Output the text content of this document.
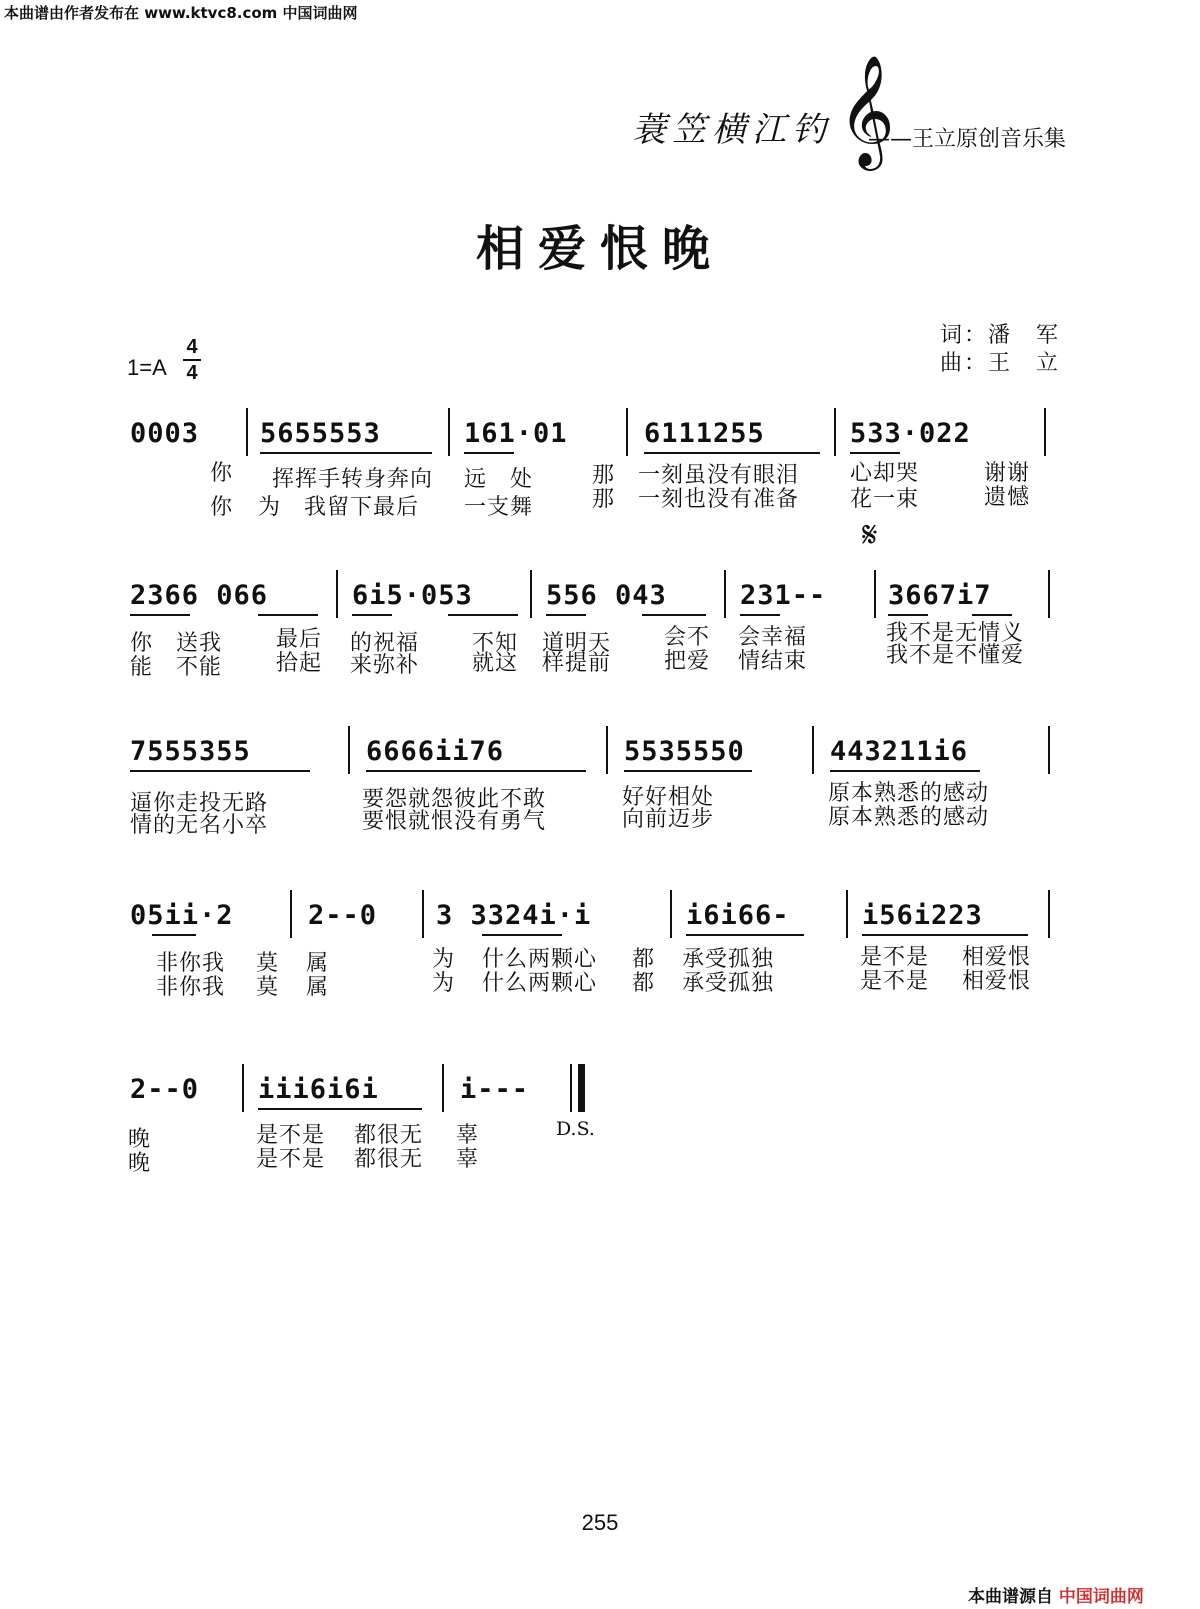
本曲谱由作者发布在 www.ktvc8.com 中国词曲网
蓑笠横江钓 𝄞
——王立原创音乐集
相爱恨晚
1=A
4
4
词：潘　军
曲：王　立
0003 5655553	161·01	6111255	533·022
你 挥挥手转身奔向 远　处	那　一刻虽没有眼泪 心却哭	谢谢
你 为　我留下最后 一支舞	那　一刻也没有准备 花一束	遗憾
𝄋
2366 066	6i5·053	556 043	231-- 3667i7
你　送我 最后 的祝福 不知 道明天 会不 会幸福	我不是无情义
能　不能 拾起 来弥补 就这 样提前 把爱 情结束	我不是不懂爱
7555355	6666ii76	5535550	443211i6
逼你走投无路	要怨就怨彼此不敢	好好相处	原本熟悉的感动
情的无名小卒	要恨就恨没有勇气	向前迈步	原本熟悉的感动
05ii·2	2--0 3 3324i·i	i6i66-	i56i223
非你我 莫 属	为 什么两颗心 都 承受孤独	是不是 相爱恨
非你我 莫 属	为 什么两颗心 都 承受孤独	是不是 相爱恨
2--0 iii6i6i	i---
晚	是不是 都很无 辜
晚	是不是 都很无 辜
D.S.
255
本曲谱源自 中国词曲网
